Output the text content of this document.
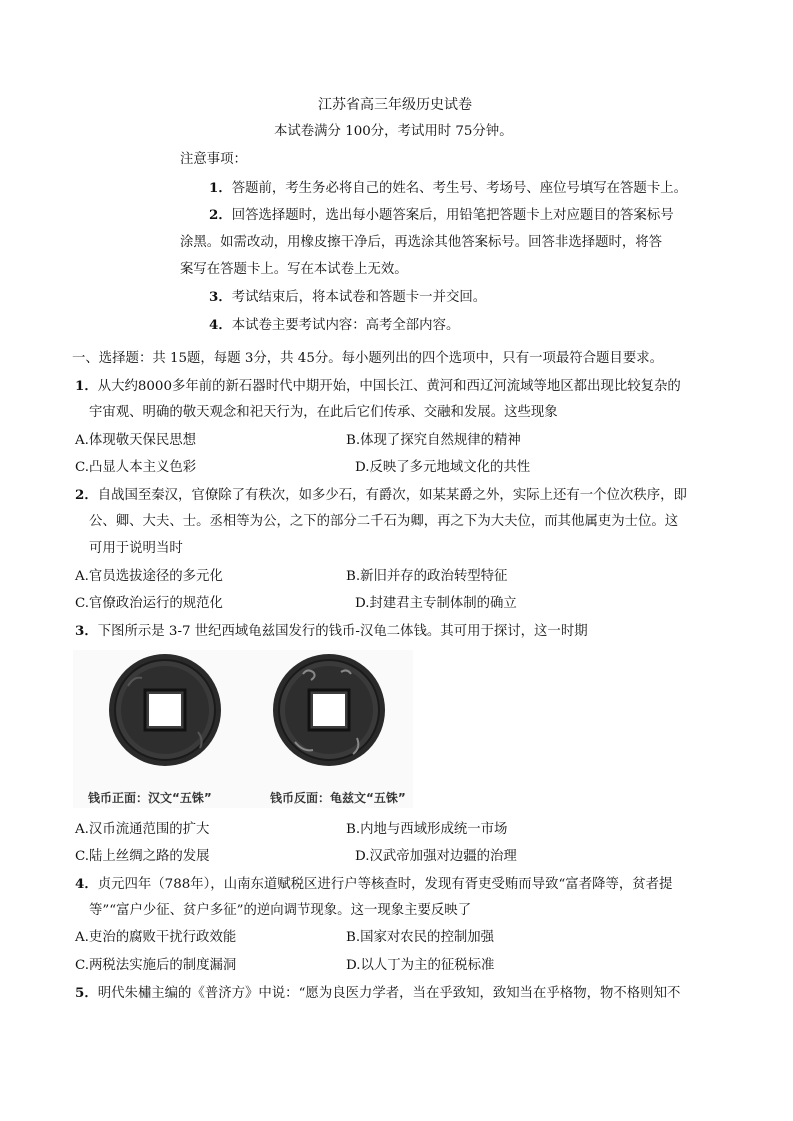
江苏省高三年级历史试卷
本试卷满分 100分，考试用时 75分钟。
注意事项：
1．答题前，考生务必将自己的姓名、考生号、考场号、座位号填写在答题卡上。
2．回答选择题时，选出每小题答案后，用铅笔把答题卡上对应题目的答案标号
涂黑。如需改动，用橡皮擦干净后，再选涂其他答案标号。回答非选择题时，将答
案写在答题卡上。写在本试卷上无效。
3．考试结束后，将本试卷和答题卡一并交回。
4．本试卷主要考试内容：高考全部内容。
一、选择题：共 15题，每题 3分，共 45分。每小题列出的四个选项中，只有一项最符合题目要求。
1．从大约8000多年前的新石器时代中期开始，中国长江、黄河和西辽河流域等地区都出现比较复杂的
宇宙观、明确的敬天观念和祀天行为，在此后它们传承、交融和发展。这些现象
A.体现敬天保民思想	B.体现了探究自然规律的精神
C.凸显人本主义色彩	D.反映了多元地域文化的共性
2．自战国至秦汉，官僚除了有秩次，如多少石，有爵次，如某某爵之外，实际上还有一个位次秩序，即
公、卿、大夫、士。丞相等为公，之下的部分二千石为卿，再之下为大夫位，而其他属吏为士位。这
可用于说明当时
A.官员选拔途径的多元化	B.新旧并存的政治转型特征
C.官僚政治运行的规范化	D.封建君主专制体制的确立
3．下图所示是 3-7 世纪西域龟兹国发行的钱币-汉龟二体钱。其可用于探讨，这一时期
钱币正面：汉文“五铢”	钱币反面：龟兹文“五铢”
A.汉币流通范围的扩大	B.内地与西域形成统一市场
C.陆上丝绸之路的发展	D.汉武帝加强对边疆的治理
4．贞元四年（788年），山南东道赋税区进行户等核查时，发现有胥吏受贿而导致“富者降等，贫者提
等”“富户少征、贫户多征”的逆向调节现象。这一现象主要反映了
A.吏治的腐败干扰行政效能	B.国家对农民的控制加强
C.两税法实施后的制度漏洞	D.以人丁为主的征税标准
5．明代朱橚主编的《普济方》中说：“愿为良医力学者，当在乎致知，致知当在乎格物，物不格则知不
